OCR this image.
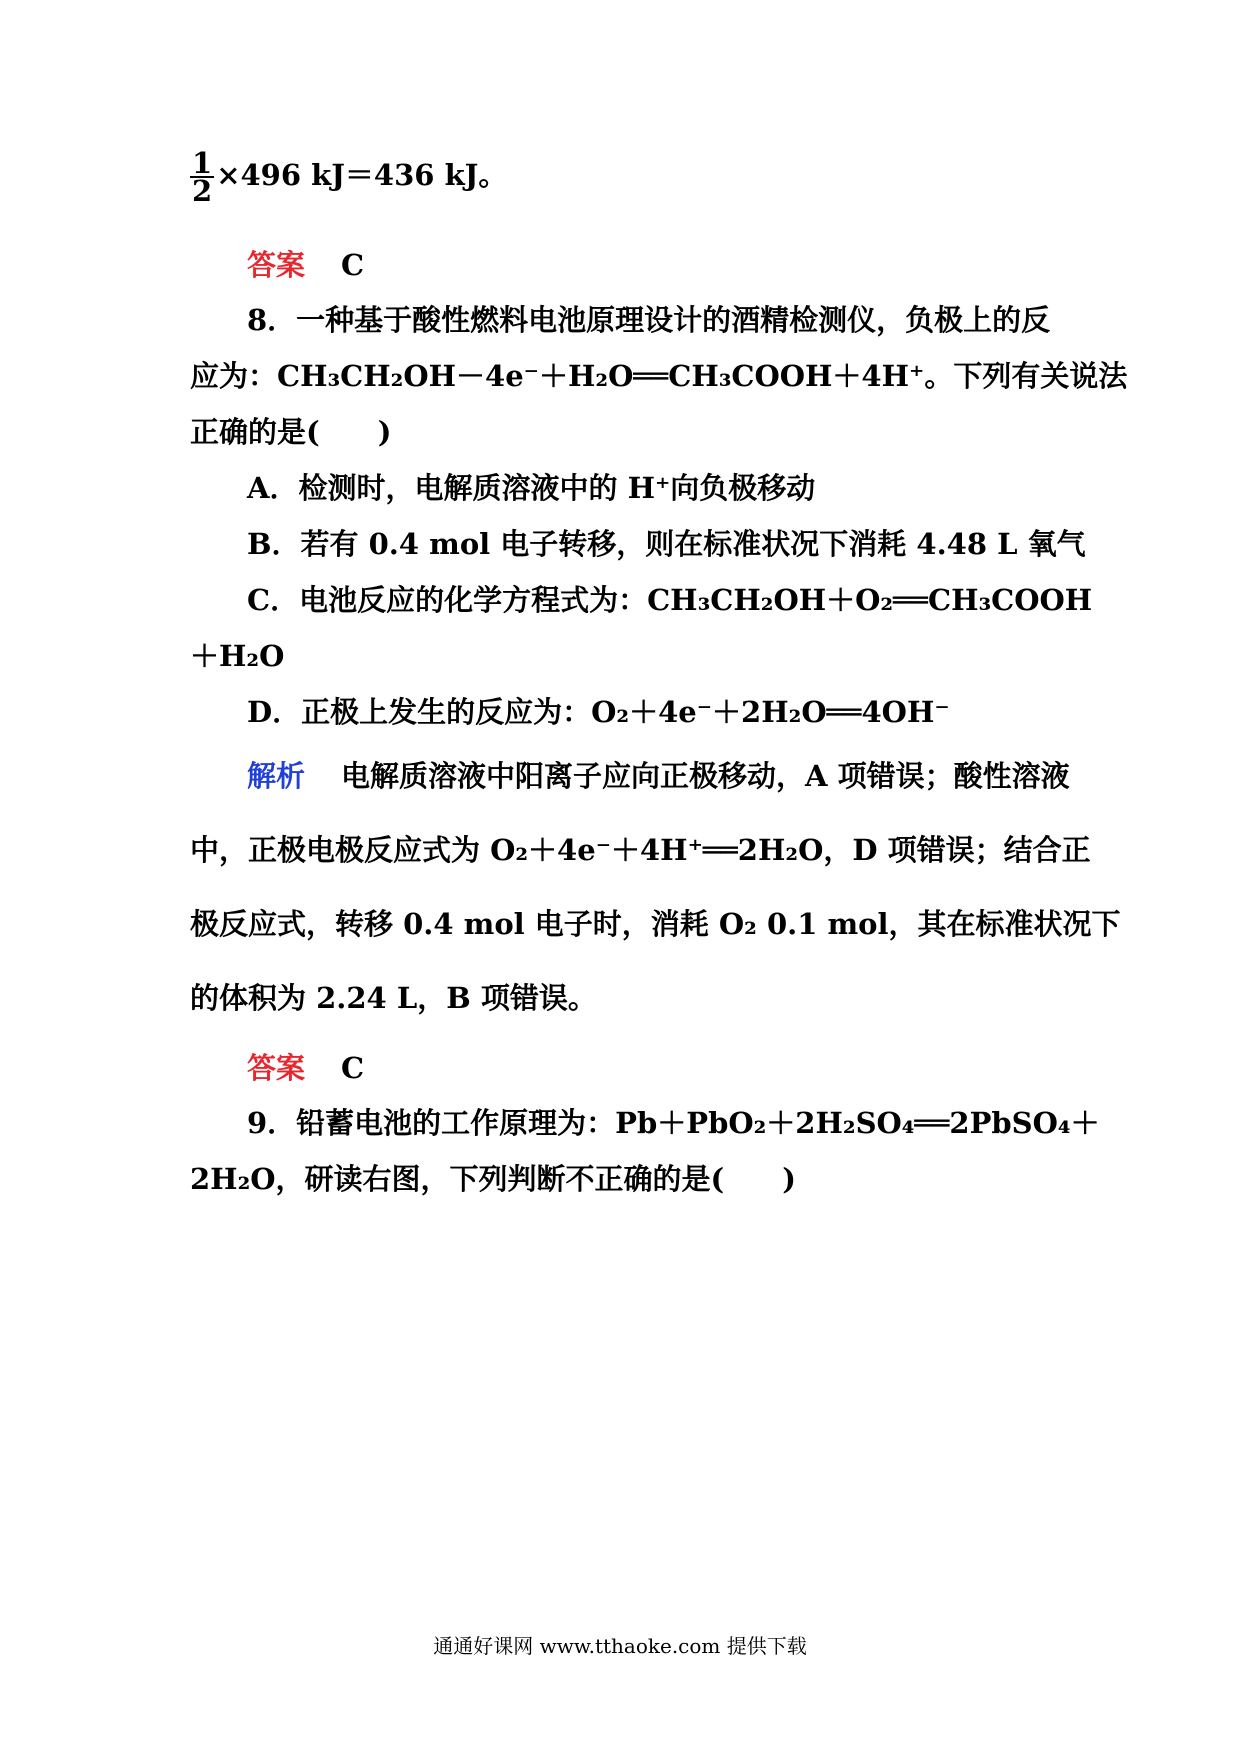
$\frac{1}{2} \times 496$ kJ＝436 kJ。
答案 C
8．一种基于酸性燃料电池原理设计的酒精检测仪，负极上的反
应为：CH₃CH₂OH－4e⁻＋H₂O══CH₃COOH＋4H⁺。下列有关说法
正确的是(　　)
A．检测时，电解质溶液中的 H⁺向负极移动
B．若有 0.4 mol 电子转移，则在标准状况下消耗 4.48 L 氧气
C．电池反应的化学方程式为：CH₃CH₂OH＋O₂══CH₃COOH
＋H₂O
D．正极上发生的反应为：O₂＋4e⁻＋2H₂O══4OH⁻
解析 电解质溶液中阳离子应向正极移动，A 项错误；酸性溶液
中，正极电极反应式为 O₂＋4e⁻＋4H⁺══2H₂O，D 项错误；结合正
极反应式，转移 0.4 mol 电子时，消耗 O₂ 0.1 mol，其在标准状况下
的体积为 2.24 L，B 项错误。
答案 C
9．铅蓄电池的工作原理为：Pb＋PbO₂＋2H₂SO₄══2PbSO₄＋
2H₂O，研读右图，下列判断不正确的是(　　)
通通好课网 www.tthaoke.com 提供下载
